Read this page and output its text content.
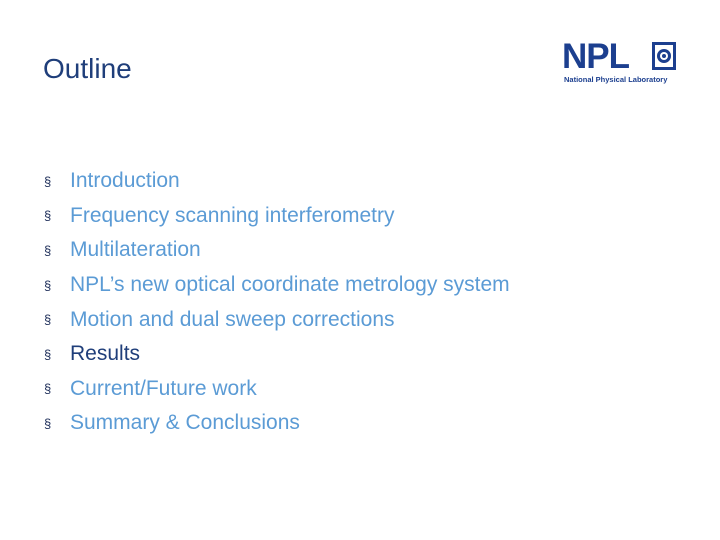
Outline	NPL
National Physical Laboratory
§ Introduction
§ Frequency scanning interferometry
§ Multilateration
§ NPL’s new optical coordinate metrology system
§ Motion and dual sweep corrections
§ Results
§ Current/Future work
§ Summary & Conclusions
